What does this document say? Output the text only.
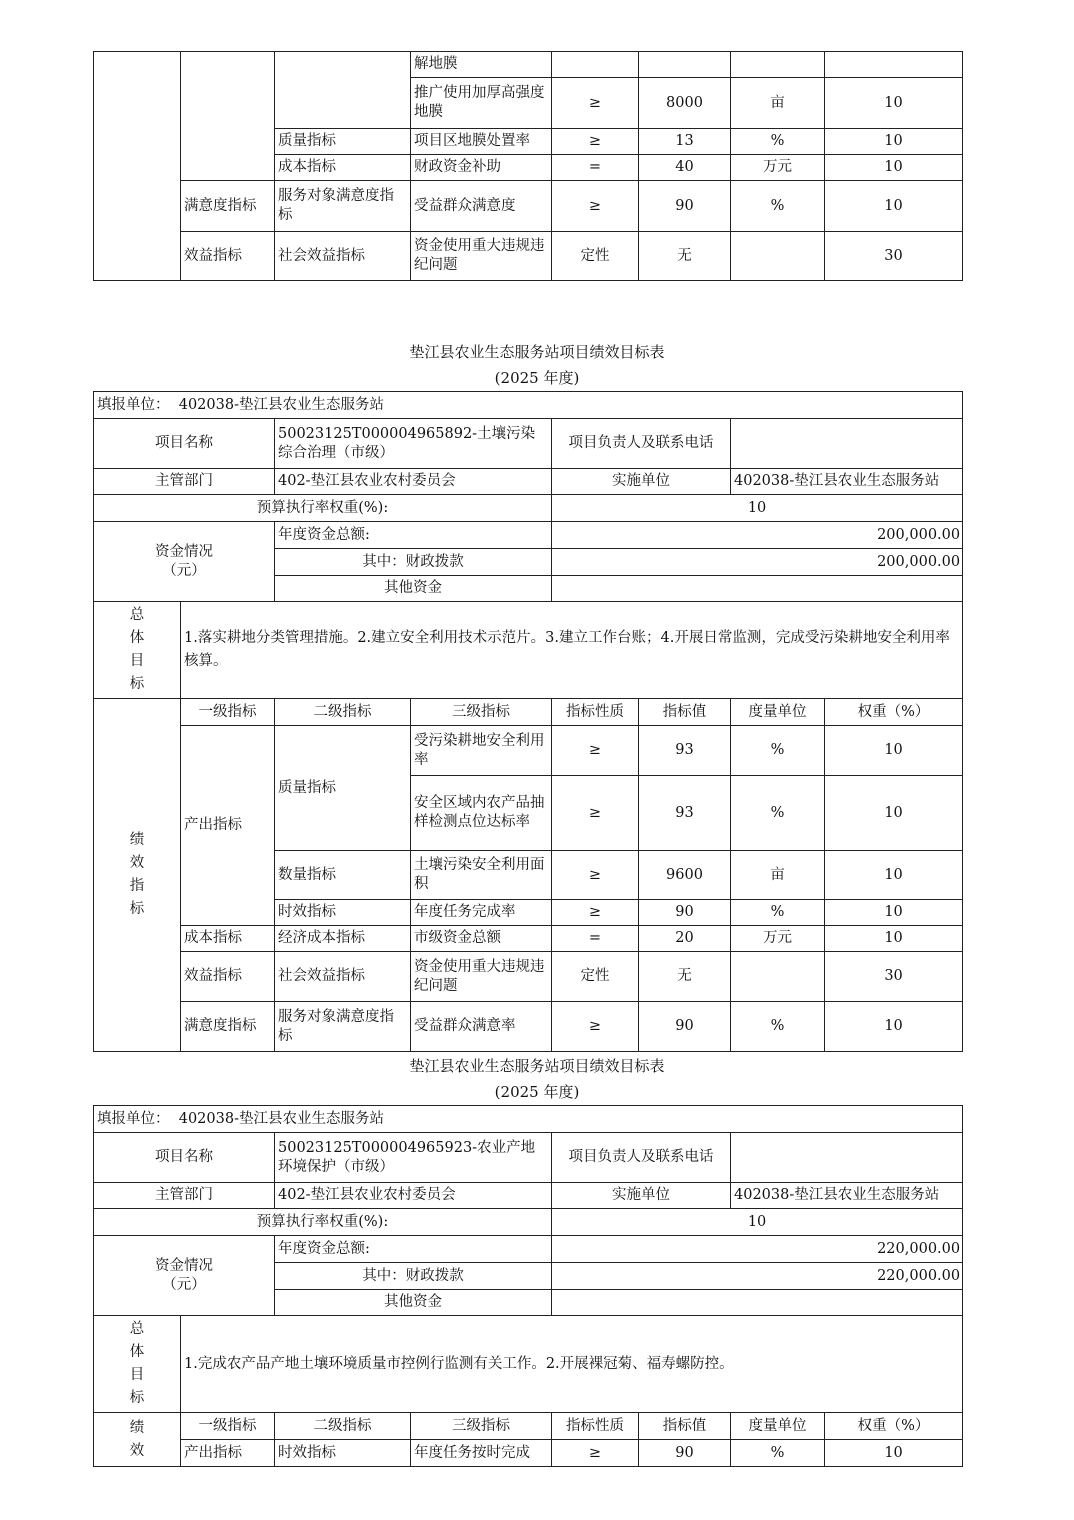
			解地膜				
			推广使用加厚高强度地膜	≥	8000	亩	10
		质量指标	项目区地膜处置率	≥	13	%	10
		成本指标	财政资金补助	=	40	万元	10
	满意度指标	服务对象满意度指标	受益群众满意度	≥	90	%	10
	效益指标	社会效益指标	资金使用重大违规违纪问题	定性	无		30
垫江县农业生态服务站项目绩效目标表
(2025 年度)
填报单位： 402038-垫江县农业生态服务站							
项目名称		50023125T000004965892-土壤污染综合治理（市级）		项目负责人及联系电话			
主管部门		402-垫江县农业农村委员会		实施单位		402038-垫江县农业生态服务站	
预算执行率权重(%):				10			
资金情况（元）		年度资金总额:		200,000.00			
		其中：财政拨款		200,000.00			
		其他资金					
总体目标	1.落实耕地分类管理措施。2.建立安全利用技术示范片。3.建立工作台账；4.开展日常监测，完成受污染耕地安全利用率核算。						
绩效指标	一级指标	二级指标	三级指标	指标性质	指标值	度量单位	权重（%）
	产出指标	质量指标	受污染耕地安全利用率	≥	93	%	10
			安全区域内农产品抽样检测点位达标率	≥	93	%	10
		数量指标	土壤污染安全利用面积	≥	9600	亩	10
		时效指标	年度任务完成率	≥	90	%	10
	成本指标	经济成本指标	市级资金总额	=	20	万元	10
	效益指标	社会效益指标	资金使用重大违规违纪问题	定性	无		30
	满意度指标	服务对象满意度指标	受益群众满意率	≥	90	%	10
垫江县农业生态服务站项目绩效目标表
(2025 年度)
填报单位： 402038-垫江县农业生态服务站							
项目名称		50023125T000004965923-农业产地环境保护（市级）		项目负责人及联系电话			
主管部门		402-垫江县农业农村委员会		实施单位		402038-垫江县农业生态服务站	
预算执行率权重(%):				10			
资金情况（元）		年度资金总额:		220,000.00			
		其中：财政拨款		220,000.00			
		其他资金					
总体目标	1.完成农产品产地土壤环境质量市控例行监测有关工作。2.开展裸冠菊、福寿螺防控。						
绩效	一级指标	二级指标	三级指标	指标性质	指标值	度量单位	权重（%）
	产出指标	时效指标	年度任务按时完成	≥	90	%	10
